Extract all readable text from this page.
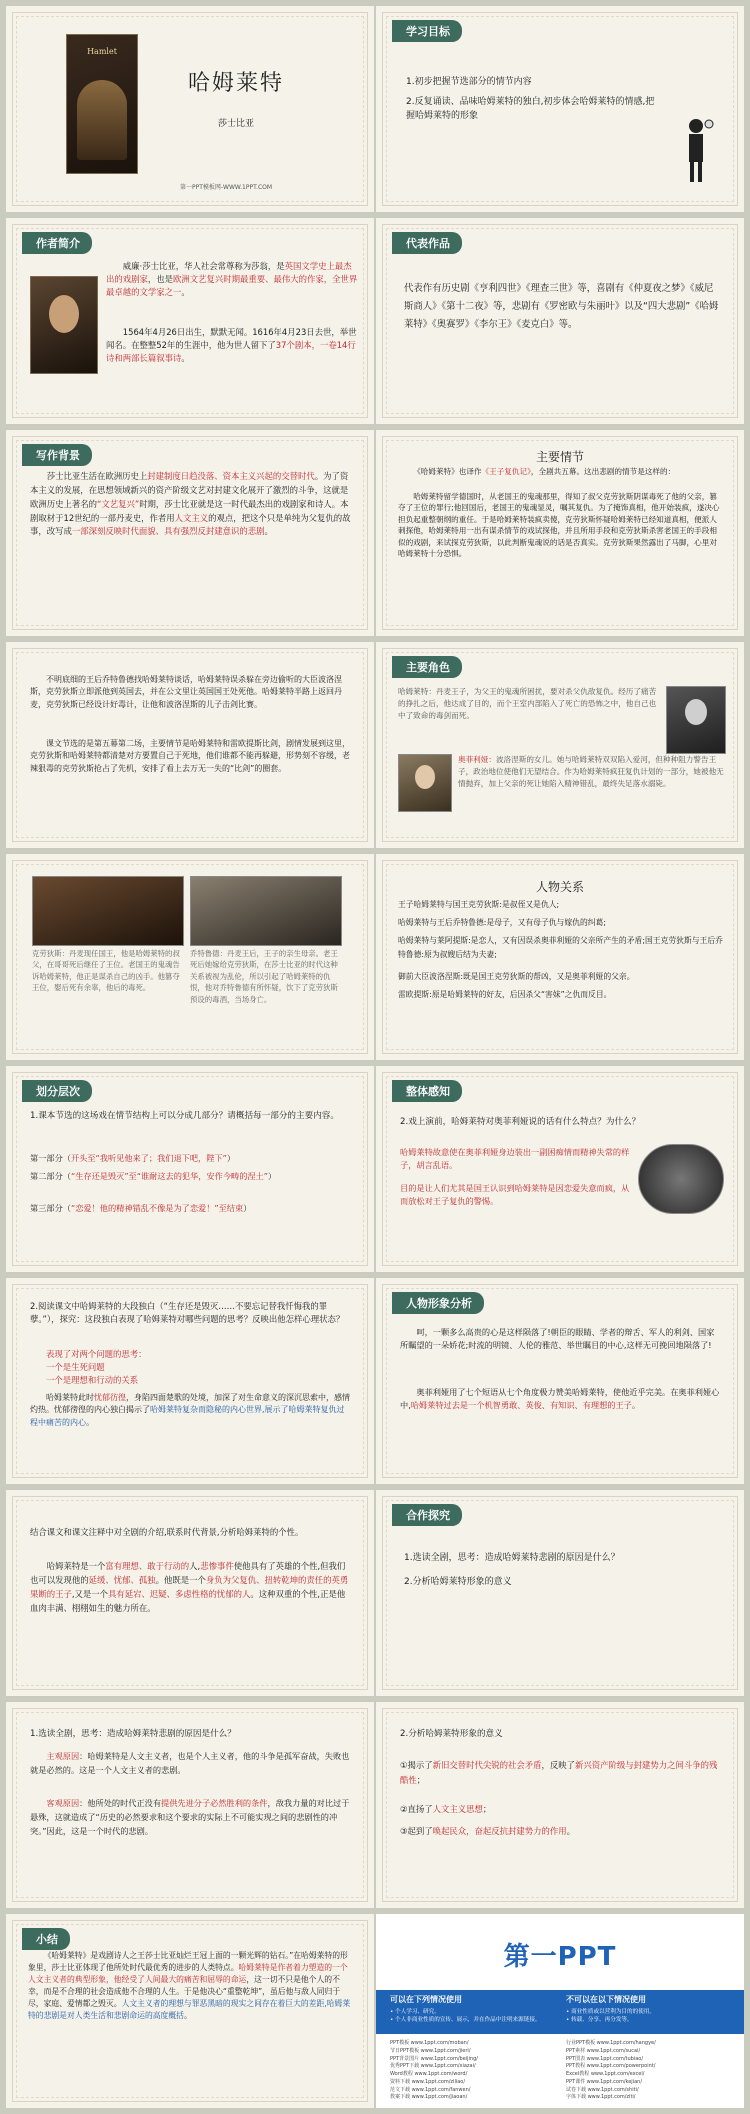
Hamlet
哈姆莱特
莎士比亚
第一PPT模板网-WWW.1PPT.COM
学习目标
1.初步把握节选部分的情节内容
2.反复诵读、品味哈姆莱特的独白,初步体会哈姆莱特的情感,把握哈姆莱特的形象
作者简介
威廉·莎士比亚，华人社会常尊称为莎翁，是英国文学史上最杰出的戏剧家，也是欧洲文艺复兴时期最重要、最伟大的作家，全世界最卓越的文学家之一。
1564年4月26日出生，默默无闻。1616年4月23日去世，举世闻名。在整整52年的生涯中，他为世人留下了37个剧本，一卷14行诗和两部长篇叙事诗。
代表作品
代表作有历史剧《亨利四世》《理查三世》等，喜剧有《仲夏夜之梦》《威尼斯商人》《第十二夜》等，悲剧有《罗密欧与朱丽叶》以及“四大悲剧”《哈姆莱特》《奥赛罗》《李尔王》《麦克白》等。
写作背景
莎士比亚生活在欧洲历史上封建制度日趋没落、资本主义兴起的交替时代。为了资本主义的发展，在思想领域新兴的资产阶级文艺对封建文化展开了激烈的斗争，这就是欧洲历史上著名的“文艺复兴”时期，莎士比亚就是这一时代最杰出的戏剧家和诗人。本剧取材于12世纪的一部丹麦史，作者用人文主义的观点，把这个只是单纯为父复仇的故事，改写成一部深刻反映时代面貌、具有强烈反封建意识的悲剧。
主要情节
《哈姆莱特》也译作《王子复仇记》，全剧共五幕。这出悲剧的情节是这样的：
哈姆莱特留学德国时，从老国王的鬼魂那里，得知了叔父克劳狄斯阴谋毒死了他的父亲，篡夺了王位的罪行;他回国后，老国王的鬼魂显灵，嘱其复仇。为了掩饰真相，他开始装疯，遂决心担负起重整朝纲的重任。于是哈姆莱特装疯卖傻，克劳狄斯怀疑哈姆莱特已经知道真相，便派人刺探他，哈姆莱特用一出有谋杀情节的戏试探他，并且所用手段和克劳狄斯杀害老国王的手段相似的戏剧，来试探克劳狄斯，以此判断鬼魂说的话是否真实。克劳狄斯果然露出了马脚，心里对哈姆莱特十分恐惧。
不明底细的王后乔特鲁德找哈姆莱特谈话，哈姆莱特误杀躲在旁边偷听的大臣波洛涅斯，克劳狄斯立即派他到英国去，并在公文里让英国国王处死他。哈姆莱特半路上返回丹麦，克劳狄斯已经设计好毒计，让他和波洛涅斯的儿子击剑比赛。
课文节选的是第五幕第二场，主要情节是哈姆莱特和雷欧提斯比剑，剧情发展到这里，克劳狄斯和哈姆莱特都清楚对方要置自己于死地，他们谁都不能再躲避，形势刻不容缓，老辣狠毒的克劳狄斯抢占了先机，安排了看上去万无一失的“比剑”的圈套。
主要角色
哈姆莱特：丹麦王子，为父王的鬼魂所困扰，要对杀父仇敌复仇。经历了痛苦的挣扎之后，他达成了目的，而个王室内部陷入了死亡的恐怖之中，他自己也中了致命的毒剑而死。
奥菲利娅：波洛涅斯的女儿。她与哈姆莱特双双陷入爱河，但种种阻力警告王子，政治地位使他们无望结合。作为哈姆莱特疯狂复仇计划的一部分，她被他无情抛弃，加上父亲的死让她陷入精神错乱，最终失足落水溺毙。
克劳狄斯：丹麦现任国王，他是哈姆莱特的叔父，在哥哥死后继任了王位。老国王的鬼魂告诉哈姆莱特，他正是谋杀自己的凶手。他篡夺王位，娶后死有余辜，他后的毒死。
乔特鲁德：丹麦王后，王子的亲生母亲。老王死后她嫁给克劳狄斯，在莎士比亚的时代这种关系被视为乱伦，所以引起了哈姆莱特的仇恨，他对乔特鲁德有所怀疑，饮下了克劳狄斯预设的毒酒，当场身亡。
人物关系
王子哈姆莱特与国王克劳狄斯:是叔侄又是仇人;
哈姆莱特与王后乔特鲁德:是母子，又有母子仇与嫁仇的纠葛;
哈姆莱特与莱阿提斯:是恋人，又有因误杀奥菲利娅的父亲所产生的矛盾;国王克劳狄斯与王后乔特鲁德:原为叔嫂后结为夫妻;
御前大臣波洛涅斯:既是国王克劳狄斯的帮凶，又是奥菲利娅的父亲。
雷欧提斯:原是哈姆莱特的好友，后因杀父“害妹”之仇而反目。
划分层次
1.课本节选的这场戏在情节结构上可以分成几部分？请概括每一部分的主要内容。
第一部分（开头至“我听见他来了；我们退下吧，陛下”）
第二部分（“生存还是毁灭”至“谁耐这去的犯华，安作今畴的涅土”）
第三部分（“恋爱！他的精神错乱不像是为了恋爱！”至结束）
整体感知
2.戏上演前，哈姆莱特对奥菲利娅说的话有什么特点？为什么？
哈姆莱特故意使在奥菲利娅身边装出一副困痴情而精神失常的样子，胡言乱语。
目的是让人们尤其是国王认识到哈姆莱特是因恋爱失意而疯，从而放松对王子复仇的警惕。
2.阅读课文中哈姆莱特的大段独白（“生存还是毁灭……不要忘记替我忏悔我的罪孽。”），探究：这段独白表现了哈姆莱特对哪些问题的思考？反映出他怎样心理状态？
表现了对两个问题的思考：
一个是生死问题
一个是理想和行动的关系
哈姆莱特此时忧郁彷徨，身陷四面楚歌的处境，加深了对生命意义的深沉思索中，感情灼热。忧郁徬徨的内心独白揭示了哈姆莱特复杂而隐秘的内心世界,展示了哈姆莱特复仇过程中痛苦的内心。
人物形象分析
呵，一颗多么高贵的心是这样陨落了!朝臣的眼睛、学者的辩舌、军人的利剑、国家所瞩望的一朵娇花;时流的明镜、人伦的雅范、举世瞩目的中心,这样无可挽回地陨落了!
奥菲利娅用了七个短语从七个角度极力赞美哈姆莱特，使他近乎完美。在奥菲利娅心中,哈姆莱特过去是一个机智勇敢、英俊、有知识、有理想的王子。
结合课文和课文注释中对全剧的介绍,联系时代背景,分析哈姆莱特的个性。
哈姆莱特是一个富有理想、敢于行动的人,悲惨事件使他具有了英雄的个性,但我们也可以发现他的延缓、忧郁、孤独。他既是一个身负为父复仇、扭转乾坤的责任的英勇果断的王子,又是一个具有延宕、迟疑、多虑性格的忧郁的人。这种双重的个性,正是他血肉丰满、栩栩如生的魅力所在。
合作探究
1.选读全剧，思考：造成哈姆莱特悲剧的原因是什么？
2.分析哈姆莱特形象的意义
1.选读全剧，思考：造成哈姆莱特悲剧的原因是什么？
主观原因：哈姆莱特是人文主义者，也是个人主义者，他的斗争是孤军奋战，失败也就是必然的。这是一个人文主义者的悲剧。
客观原因：他所处的时代正没有提供先进分子必然胜利的条件，敌我力量的对比过于悬殊，这就造成了“历史的必然要求和这个要求的实际上不可能实现之间的悲剧性的冲突。”因此，这是一个时代的悲剧。
2.分析哈姆莱特形象的意义
①揭示了新旧交替时代尖锐的社会矛盾，反映了新兴资产阶级与封建势力之间斗争的残酷性；
②直扬了人文主义思想；
③起到了唤起民众，奋起反抗封建势力的作用。
小结
《哈姆莱特》是戏剧诗人之王莎士比亚灿烂王冠上面的一颗光辉的钻石。”在哈姆莱特的形象里，莎士比亚体现了他所处时代最优秀的进步的人类特点。哈姆莱特是作者着力塑造的一个人文主义者的典型形象，他经受了人间最大的痛苦和屈辱的命运，这一切不只是他个人的不幸，而是不合理的社会造成他不合理的人生。于是他决心“重整乾坤”，虽后他与敌人同归于尽，家庭、爱情都之毁灭。人文主义者的理想与罪恶黑暗的现实之间存在着巨大的差距,哈姆莱特的悲剧是对人类生活和悲剧命运的高度概括。
第一PPT
可以在下列情况使用
• 个人学习、研究。
• 个人非商业性质的宣传、展示，并在作品中注明来源链接。
不可以在以下情况使用
• 商业性质或以营利为目的的使用。
• 转载、分享、再分发等。
PPT模板 www.1ppt.com/moban/
节日PPT模板 www.1ppt.com/jieri/
PPT背景图片 www.1ppt.com/beijing/
优秀PPT下载 www.1ppt.com/xiazai/
Word教程 www.1ppt.com/word/
资料下载 www.1ppt.com/ziliao/
范文下载 www.1ppt.com/fanwen/
教案下载 www.1ppt.com/jiaoan/
行业PPT模板 www.1ppt.com/hangye/
PPT素材 www.1ppt.com/sucai/
PPT图表 www.1ppt.com/tubiao/
PPT教程 www.1ppt.com/powerpoint/
Excel教程 www.1ppt.com/excel/
PPT课件 www.1ppt.com/kejian/
试卷下载 www.1ppt.com/shiti/
字体下载 www.1ppt.com/ziti/
